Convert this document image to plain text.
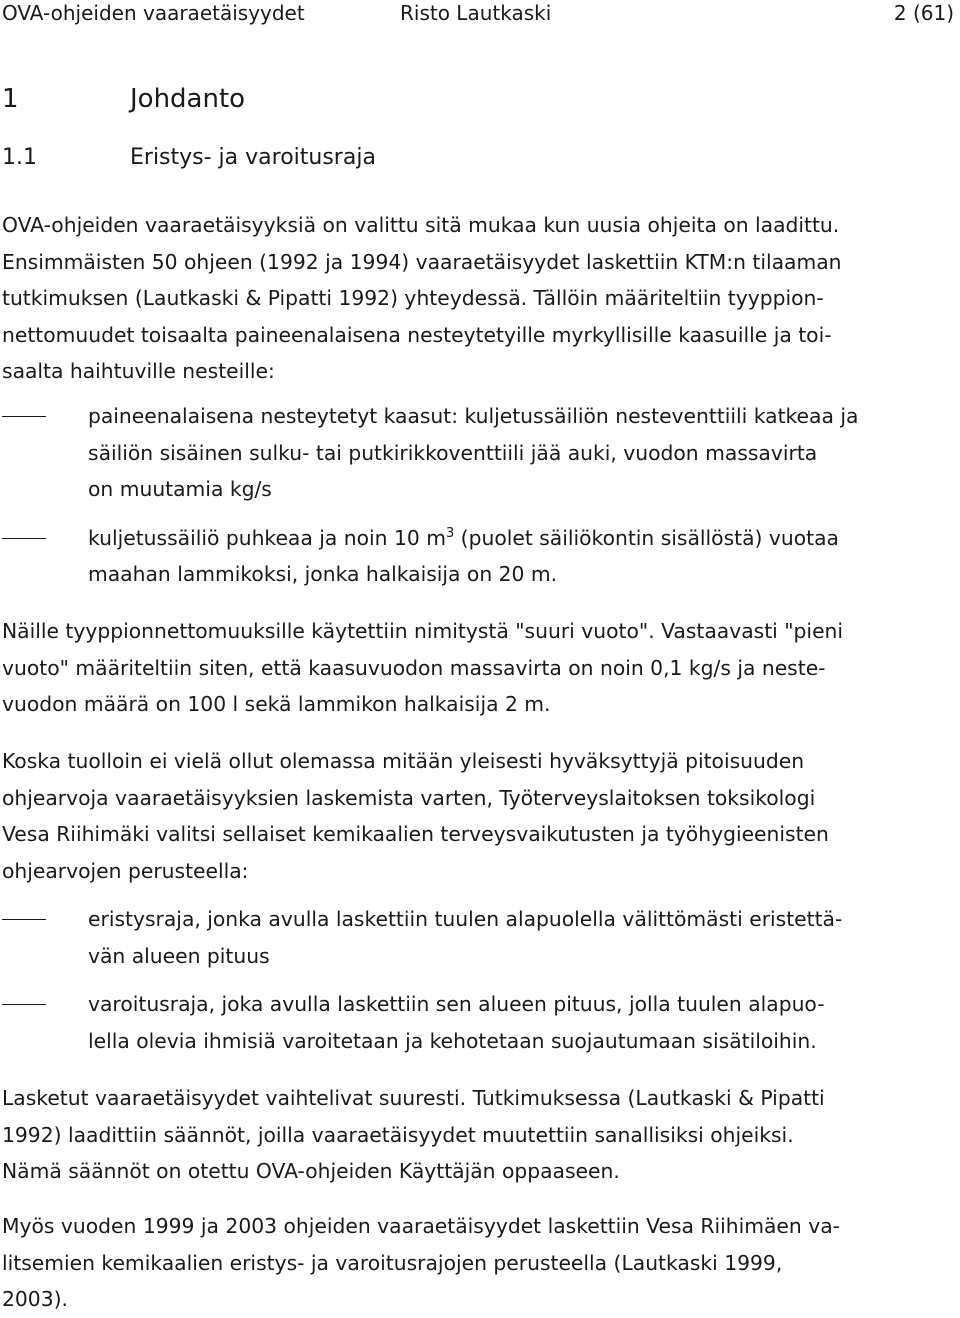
OVA-ohjeiden vaaraetäisyydet	Risto Lautkaski	2 (61)
1	Johdanto
1.1	Eristys- ja varoitusraja
OVA-ohjeiden vaaraetäisyyksiä on valittu sitä mukaa kun uusia ohjeita on laadittu.
Ensimmäisten 50 ohjeen (1992 ja 1994) vaaraetäisyydet laskettiin KTM:n tilaaman
tutkimuksen (Lautkaski & Pipatti 1992) yhteydessä. Tällöin määriteltiin tyyppion-
nettomuudet toisaalta paineenalaisena nesteytetyille myrkyllisille kaasuille ja toi-
saalta haihtuville nesteille:
paineenalaisena nesteytetyt kaasut: kuljetussäiliön nesteventtiili katkeaa ja
säiliön sisäinen sulku- tai putkirikkoventtiili jää auki, vuodon massavirta
on muutamia kg/s
kuljetussäiliö puhkeaa ja noin 10 $m^3$ (puolet säiliökontin sisällöstä) vuotaa
maahan lammikoksi, jonka halkaisija on 20 m.
Näille tyyppionnettomuuksille käytettiin nimitystä "suuri vuoto". Vastaavasti "pieni
vuoto" määriteltiin siten, että kaasuvuodon massavirta on noin 0,1 kg/s ja neste-
vuodon määrä on 100 l sekä lammikon halkaisija 2 m.
Koska tuolloin ei vielä ollut olemassa mitään yleisesti hyväksyttyjä pitoisuuden
ohjearvoja vaaraetäisyyksien laskemista varten, Työterveyslaitoksen toksikologi
Vesa Riihimäki valitsi sellaiset kemikaalien terveysvaikutusten ja työhygieenisten
ohjearvojen perusteella:
eristysraja, jonka avulla laskettiin tuulen alapuolella välittömästi eristettä-
vän alueen pituus
varoitusraja, joka avulla laskettiin sen alueen pituus, jolla tuulen alapuo-
lella olevia ihmisiä varoitetaan ja kehotetaan suojautumaan sisätiloihin.
Lasketut vaaraetäisyydet vaihtelivat suuresti. Tutkimuksessa (Lautkaski & Pipatti
1992) laadittiin säännöt, joilla vaaraetäisyydet muutettiin sanallisiksi ohjeiksi.
Nämä säännöt on otettu OVA-ohjeiden Käyttäjän oppaaseen.
Myös vuoden 1999 ja 2003 ohjeiden vaaraetäisyydet laskettiin Vesa Riihimäen va-
litsemien kemikaalien eristys- ja varoitusrajojen perusteella (Lautkaski 1999,
2003).
